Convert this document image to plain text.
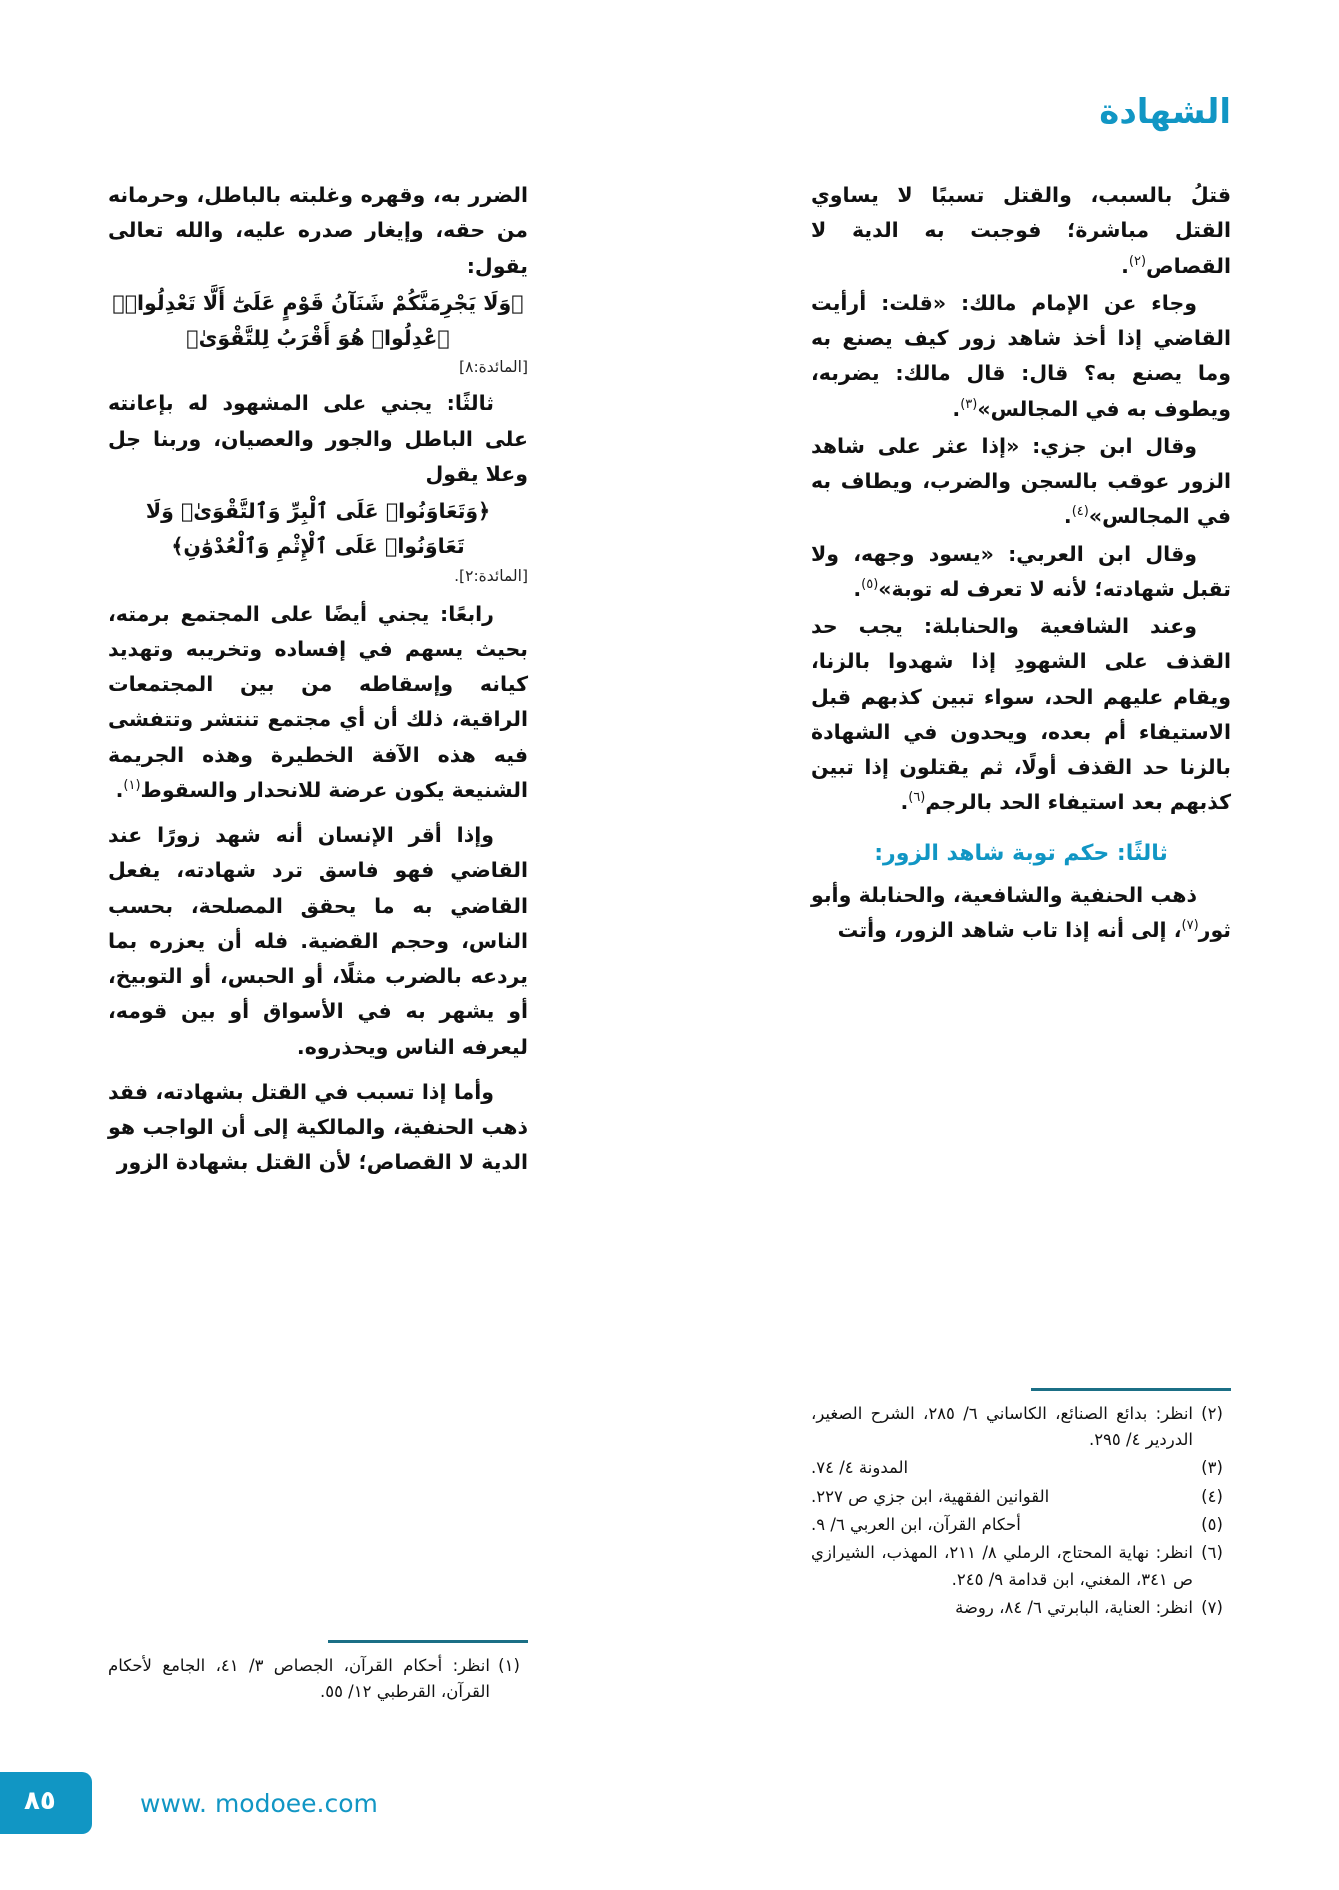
الشهادة

الضرر به، وقهره وغلبته بالباطل، وحرمانه من حقه، وإيغار صدره عليه، والله تعالى يقول:

﴿وَلَا يَجْرِمَنَّكُمْ شَنَآنُ قَوْمٍ عَلَىٰٓ أَلَّا تَعْدِلُوا۟ۚ ٱعْدِلُوا۟ هُوَ أَقْرَبُ لِلتَّقْوَىٰ﴾

[المائدة:٨]

ثالثًا: يجني على المشهود له بإعانته على الباطل والجور والعصيان، وربنا جل وعلا يقول

﴿وَتَعَاوَنُوا۟ عَلَى ٱلْبِرِّ وَٱلتَّقْوَىٰۖ وَلَا تَعَاوَنُوا۟ عَلَى ٱلْإِثْمِ وَٱلْعُدْوَٰنِ﴾

[المائدة:٢].

رابعًا: يجني أيضًا على المجتمع برمته، بحيث يسهم في إفساده وتخريبه وتهديد كيانه وإسقاطه من بين المجتمعات الراقية، ذلك أن أي مجتمع تنتشر وتتفشى فيه هذه الآفة الخطيرة وهذه الجريمة الشنيعة يكون عرضة للانحدار والسقوط$^{(١)}$.

وإذا أقر الإنسان أنه شهد زورًا عند القاضي فهو فاسق ترد شهادته، يفعل القاضي به ما يحقق المصلحة، بحسب الناس، وحجم القضية. فله أن يعزره بما يردعه بالضرب مثلًا، أو الحبس، أو التوبيخ، أو يشهر به في الأسواق أو بين قومه، ليعرفه الناس ويحذروه.

وأما إذا تسبب في القتل بشهادته، فقد ذهب الحنفية، والمالكية إلى أن الواجب هو الدية لا القصاص؛ لأن القتل بشهادة الزور

قتلُ بالسبب، والقتل تسببًا لا يساوي القتل مباشرة؛ فوجبت به الدية لا القصاص$^{(٢)}$.

وجاء عن الإمام مالك: «قلت: أرأيت القاضي إذا أخذ شاهد زور كيف يصنع به وما يصنع به؟ قال: قال مالك: يضربه، ويطوف به في المجالس»$^{(٣)}$.

وقال ابن جزي: «إذا عثر على شاهد الزور عوقب بالسجن والضرب، ويطاف به في المجالس»$^{(٤)}$.

وقال ابن العربي: «يسود وجهه، ولا تقبل شهادته؛ لأنه لا تعرف له توبة»$^{(٥)}$.

وعند الشافعية والحنابلة: يجب حد القذف على الشهودِ إذا شهدوا بالزنا، ويقام عليهم الحد، سواء تبين كذبهم قبل الاستيفاء أم بعده، ويحدون في الشهادة بالزنا حد القذف أولًا، ثم يقتلون إذا تبين كذبهم بعد استيفاء الحد بالرجم$^{(٦)}$.

ثالثًا: حكم توبة شاهد الزور:

ذهب الحنفية والشافعية، والحنابلة وأبو ثور$^{(٧)}$، إلى أنه إذا تاب شاهد الزور، وأتت

(٢)
انظر: بدائع الصنائع، الكاساني ٦/ ٢٨٥، الشرح الصغير، الدردير ٤/ ٢٩٥.
(٣)
المدونة ٤/ ٧٤.
(٤)
القوانين الفقهية، ابن جزي ص ٢٢٧.
(٥)
أحكام القرآن، ابن العربي ٦/ ٩.
(٦)
انظر: نهاية المحتاج، الرملي ٨/ ٢١١، المهذب، الشيرازي ص ٣٤١، المغني، ابن قدامة ٩/ ٢٤٥.
(٧)
انظر: العناية، البابرتي ٦/ ٨٤، روضة
(١)
انظر: أحكام القرآن، الجصاص ٣/ ٤١، الجامع لأحكام القرآن، القرطبي ١٢/ ٥٥.
٨٥	www. modoee.com
